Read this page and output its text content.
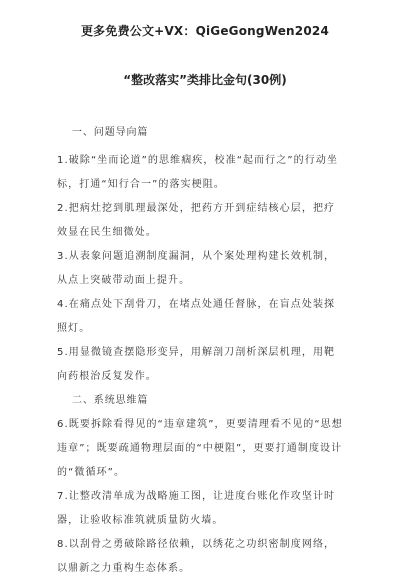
更多免费公文+VX：QiGeGongWen2024
“整改落实”类排比金句(30例)
一、问题导向篇
1.破除“坐而论道”的思维痼疾，校准“起而行之”的行动坐标，打通“知行合一”的落实梗阻。
2.把病灶挖到肌理最深处，把药方开到症结核心层，把疗效显在民生细微处。
3.从表象问题追溯制度漏洞，从个案处理构建长效机制，从点上突破带动面上提升。
4.在痛点处下刮骨刀，在堵点处通任督脉，在盲点处装探照灯。
5.用显微镜查摆隐形变异，用解剖刀剖析深层机理，用靶向药根治反复发作。
二、系统思维篇
6.既要拆除看得见的“违章建筑”，更要清理看不见的“思想违章”；既要疏通物理层面的“中梗阻”，更要打通制度设计的“微循环”。
7.让整改清单成为战略施工图，让进度台账化作攻坚计时器，让验收标准筑就质量防火墙。
8.以刮骨之勇破除路径依赖，以绣花之功织密制度网络，以鼎新之力重构生态体系。
